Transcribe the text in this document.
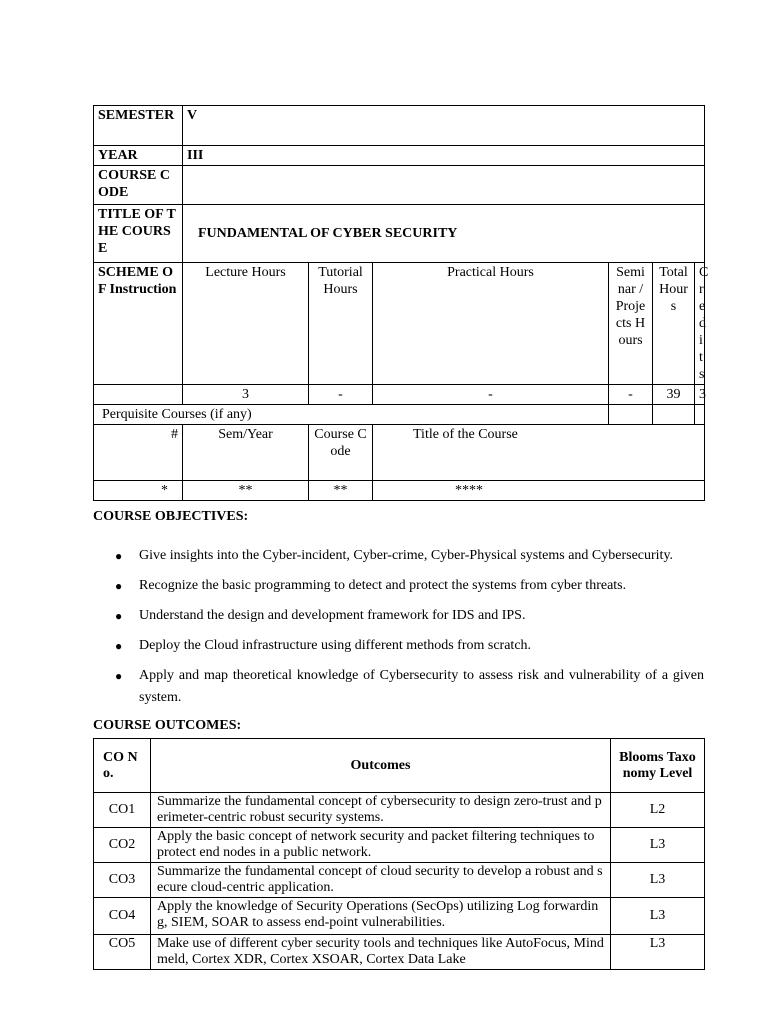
SEMESTER	V					
YEAR	III					
COURSE CODE						
TITLE OF THE COURSE	FUNDAMENTAL OF CYBER SECURITY					
SCHEME OF Instruction	Lecture Hours	Tutorial Hours	Practical Hours	Seminar / Projects Hours	Total Hours	Credits
	3	-	-	-	39	3
Perquisite Courses (if any)						
#	Sem/Year	Course Code	Title of the Course			
*	**	**	****			

COURSE OBJECTIVES:

● Give insights into the Cyber-incident, Cyber-crime, Cyber-Physical systems and Cybersecurity.
● Recognize the basic programming to detect and protect the systems from cyber threats.
● Understand the design and development framework for IDS and IPS.
● Deploy the Cloud infrastructure using different methods from scratch.
● Apply and map theoretical knowledge of Cybersecurity to assess risk and vulnerability of a given system.

COURSE OUTCOMES:

CO No.	Outcomes	Blooms Taxonomy Level
CO1	Summarize the fundamental concept of cybersecurity to design zero-trust and perimeter-centric robust security systems.	L2
CO2	Apply the basic concept of network security and packet filtering techniques to protect end nodes in a public network.	L3
CO3	Summarize the fundamental concept of cloud security to develop a robust and secure cloud-centric application.	L3
CO4	Apply the knowledge of Security Operations (SecOps) utilizing Log forwarding, SIEM, SOAR to assess end-point vulnerabilities.	L3
CO5	Make use of different cyber security tools and techniques like AutoFocus, Mindmeld, Cortex XDR, Cortex XSOAR, Cortex Data Lake	L3
